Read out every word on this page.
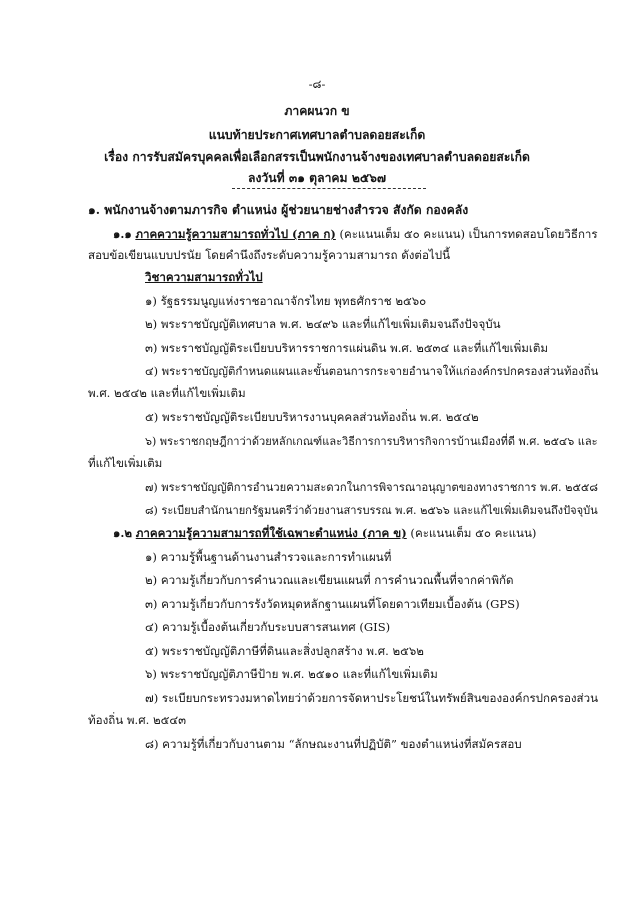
-๘-
ภาคผนวก ข
แนบท้ายประกาศเทศบาลตำบลดอยสะเก็ด
เรื่อง การรับสมัครบุคคลเพื่อเลือกสรรเป็นพนักงานจ้างของเทศบาลตำบลดอยสะเก็ด
ลงวันที่ ๓๑ ตุลาคม ๒๕๖๗
๑. พนักงานจ้างตามภารกิจ ตำแหน่ง ผู้ช่วยนายช่างสำรวจ สังกัด กองคลัง
๑.๑ ภาคความรู้ความสามารถทั่วไป (ภาค ก) (คะแนนเต็ม ๕๐ คะแนน) เป็นการทดสอบโดยวิธีการ
สอบข้อเขียนแบบปรนัย โดยคำนึงถึงระดับความรู้ความสามารถ ดังต่อไปนี้
วิชาความสามารถทั่วไป
๑) รัฐธรรมนูญแห่งราชอาณาจักรไทย พุทธศักราช ๒๕๖๐
๒) พระราชบัญญัติเทศบาล พ.ศ. ๒๔๙๖ และที่แก้ไขเพิ่มเติมจนถึงปัจจุบัน
๓) พระราชบัญญัติระเบียบบริหารราชการแผ่นดิน พ.ศ. ๒๕๓๔ และที่แก้ไขเพิ่มเติม
๔) พระราชบัญญัติกำหนดแผนและขั้นตอนการกระจายอำนาจให้แก่องค์กรปกครองส่วนท้องถิ่น
พ.ศ. ๒๕๔๒ และที่แก้ไขเพิ่มเติม
๕) พระราชบัญญัติระเบียบบริหารงานบุคคลส่วนท้องถิ่น พ.ศ. ๒๕๔๒
๖) พระราชกฤษฎีกาว่าด้วยหลักเกณฑ์และวิธีการการบริหารกิจการบ้านเมืองที่ดี พ.ศ. ๒๕๔๖ และ
ที่แก้ไขเพิ่มเติม
๗) พระราชบัญญัติการอำนวยความสะดวกในการพิจารณาอนุญาตของทางราชการ พ.ศ. ๒๕๕๘
๘) ระเบียบสำนักนายกรัฐมนตรีว่าด้วยงานสารบรรณ พ.ศ. ๒๕๖๖ และแก้ไขเพิ่มเติมจนถึงปัจจุบัน
๑.๒ ภาคความรู้ความสามารถที่ใช้เฉพาะตำแหน่ง (ภาค ข) (คะแนนเต็ม ๕๐ คะแนน)
๑) ความรู้พื้นฐานด้านงานสำรวจและการทำแผนที่
๒) ความรู้เกี่ยวกับการคำนวณและเขียนแผนที่ การคำนวณพื้นที่จากค่าพิกัด
๓) ความรู้เกี่ยวกับการรังวัดหมุดหลักฐานแผนที่โดยดาวเทียมเบื้องต้น (GPS)
๔) ความรู้เบื้องต้นเกี่ยวกับระบบสารสนเทศ (GIS)
๕) พระราชบัญญัติภาษีที่ดินและสิ่งปลูกสร้าง พ.ศ. ๒๕๖๒
๖) พระราชบัญญัติภาษีป้าย พ.ศ. ๒๕๑๐ และที่แก้ไขเพิ่มเติม
๗) ระเบียบกระทรวงมหาดไทยว่าด้วยการจัดหาประโยชน์ในทรัพย์สินขององค์กรปกครองส่วน
ท้องถิ่น พ.ศ. ๒๕๔๓
๘) ความรู้ที่เกี่ยวกับงานตาม “ลักษณะงานที่ปฏิบัติ” ของตำแหน่งที่สมัครสอบ
